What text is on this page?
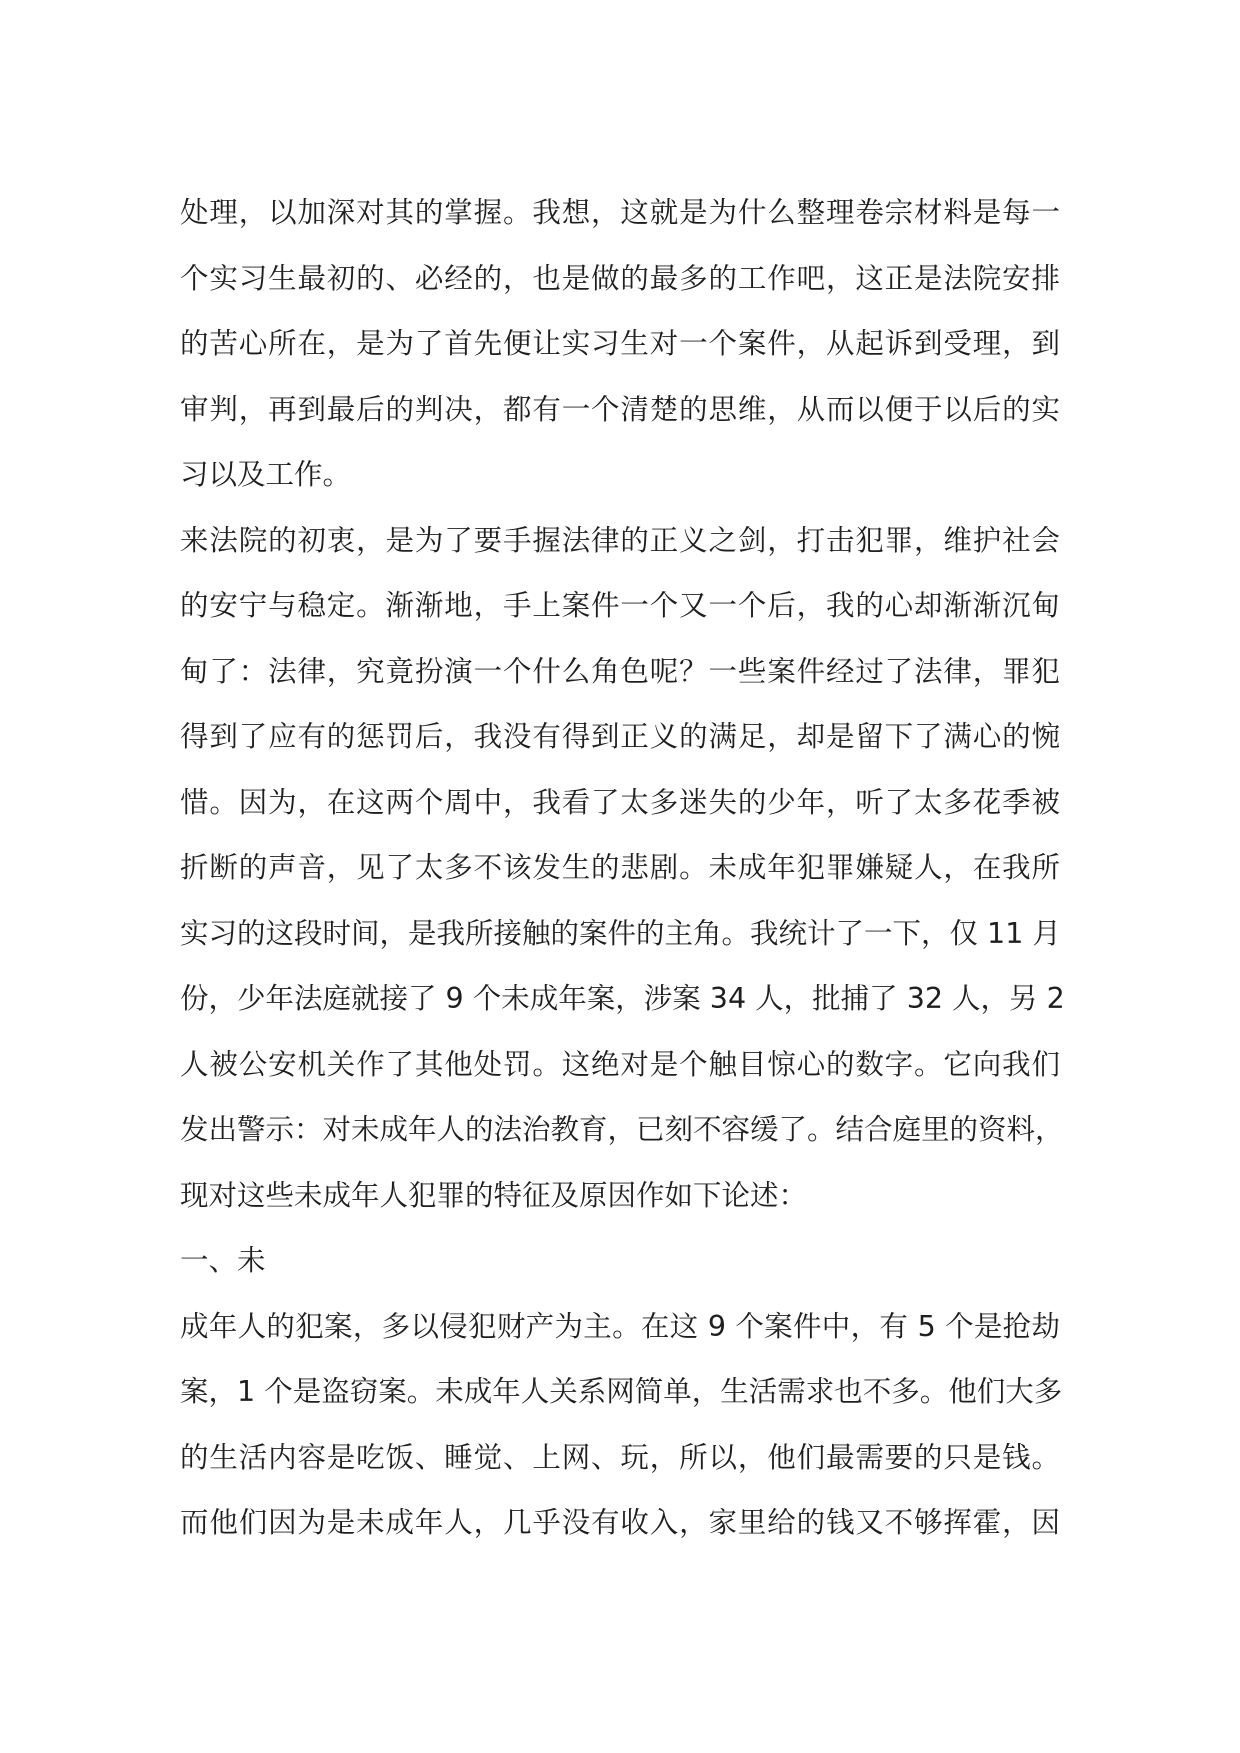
处理，以加深对其的掌握。我想，这就是为什么整理卷宗材料是每一
个实习生最初的、必经的，也是做的最多的工作吧，这正是法院安排
的苦心所在，是为了首先便让实习生对一个案件，从起诉到受理，到
审判，再到最后的判决，都有一个清楚的思维，从而以便于以后的实
习以及工作。
来法院的初衷，是为了要手握法律的正义之剑，打击犯罪，维护社会
的安宁与稳定。渐渐地，手上案件一个又一个后，我的心却渐渐沉甸
甸了：法律，究竟扮演一个什么角色呢？一些案件经过了法律，罪犯
得到了应有的惩罚后，我没有得到正义的满足，却是留下了满心的惋
惜。因为，在这两个周中，我看了太多迷失的少年，听了太多花季被
折断的声音，见了太多不该发生的悲剧。未成年犯罪嫌疑人，在我所
实习的这段时间，是我所接触的案件的主角。我统计了一下，仅 11 月
份，少年法庭就接了 9 个未成年案，涉案 34 人，批捕了 32 人，另 2
人被公安机关作了其他处罚。这绝对是个触目惊心的数字。它向我们
发出警示：对未成年人的法治教育，已刻不容缓了。结合庭里的资料，
现对这些未成年人犯罪的特征及原因作如下论述：
一、未
成年人的犯案，多以侵犯财产为主。在这 9 个案件中，有 5 个是抢劫
案，1 个是盗窃案。未成年人关系网简单，生活需求也不多。他们大多
的生活内容是吃饭、睡觉、上网、玩，所以，他们最需要的只是钱。
而他们因为是未成年人，几乎没有收入，家里给的钱又不够挥霍，因
